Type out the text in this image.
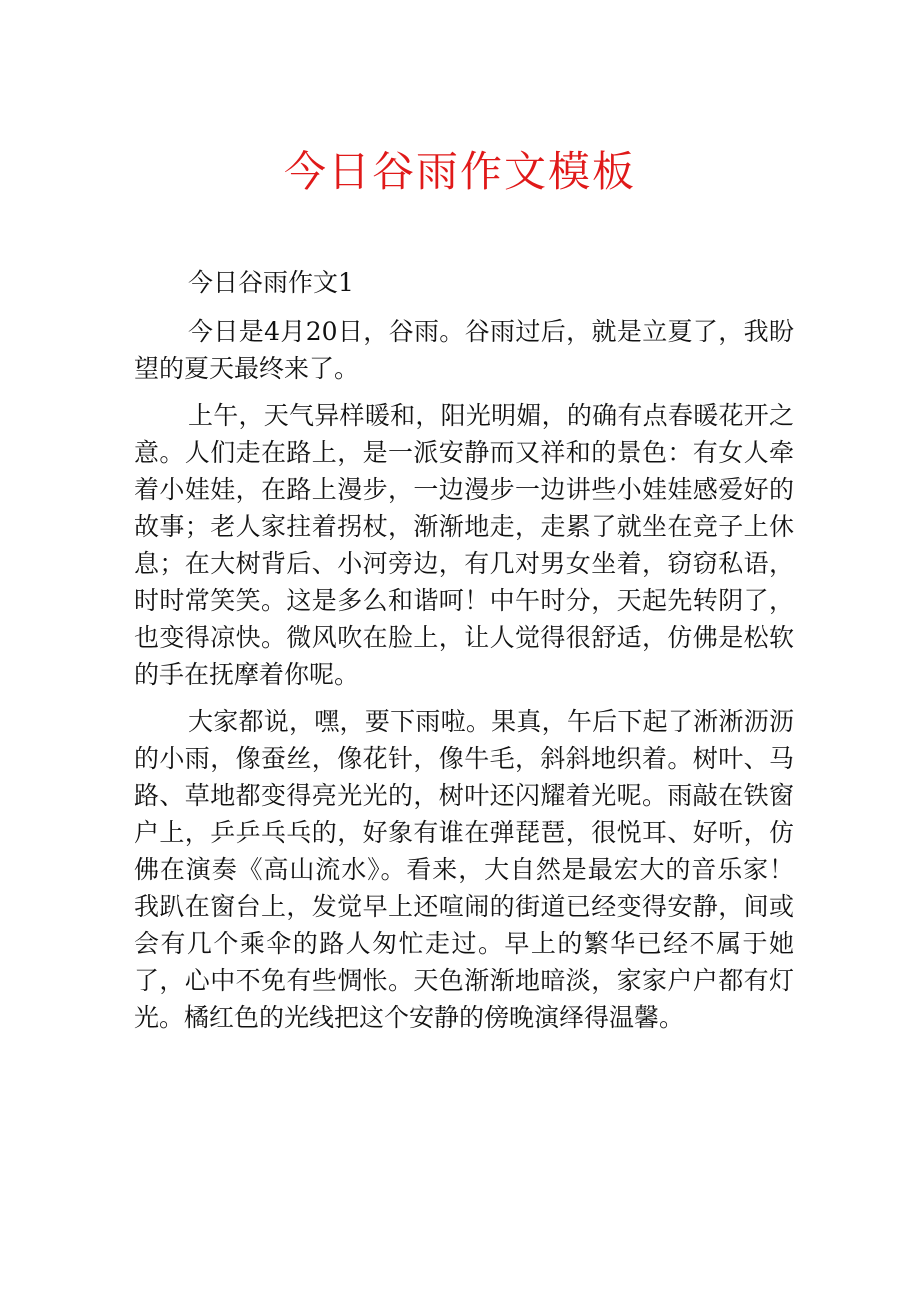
今日谷雨作文模板

今日谷雨作文1

今日是4月20日，谷雨。谷雨过后，就是立夏了，我盼望的夏天最终来了。

上午，天气异样暖和，阳光明媚，的确有点春暖花开之意。人们走在路上，是一派安静而又祥和的景色：有女人牵着小娃娃，在路上漫步，一边漫步一边讲些小娃娃感爱好的故事；老人家拄着拐杖，渐渐地走，走累了就坐在竞子上休息；在大树背后、小河旁边，有几对男女坐着，窃窃私语，时时常笑笑。这是多么和谐呵！中午时分，天起先转阴了，也变得凉快。微风吹在脸上，让人觉得很舒适，仿佛是松软的手在抚摩着你呢。

大家都说，嘿，要下雨啦。果真，午后下起了淅淅沥沥的小雨，像蚕丝，像花针，像牛毛，斜斜地织着。树叶、马路、草地都变得亮光光的，树叶还闪耀着光呢。雨敲在铁窗户上，乒乒乓乓的，好象有谁在弹琵琶，很悦耳、好听，仿佛在演奏《高山流水》。看来，大自然是最宏大的音乐家！我趴在窗台上，发觉早上还喧闹的街道已经变得安静，间或会有几个乘伞的路人匆忙走过。早上的繁华已经不属于她了，心中不免有些惆怅。天色渐渐地暗淡，家家户户都有灯光。橘红色的光线把这个安静的傍晚演绎得温馨。
